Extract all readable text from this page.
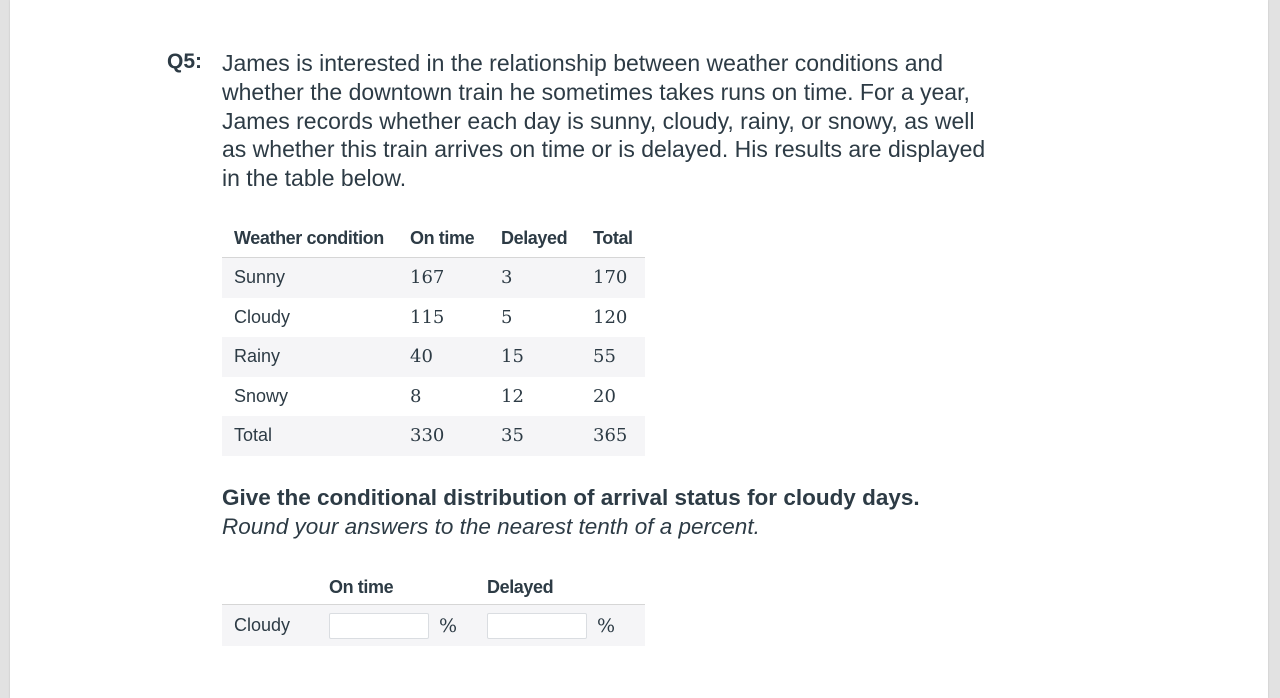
Q5: James is interested in the relationship between weather conditions and whether the downtown train he sometimes takes runs on time. For a year, James records whether each day is sunny, cloudy, rainy, or snowy, as well as whether this train arrives on time or is delayed. His results are displayed in the table below.
Weather condition	On time	Delayed	Total
Sunny	167	3	170
Cloudy	115	5	120
Rainy	40	15	55
Snowy	8	12	20
Total	330	35	365
Give the conditional distribution of arrival status for cloudy days.
Round your answers to the nearest tenth of a percent.
	On time		Delayed	
Cloudy		%		%
